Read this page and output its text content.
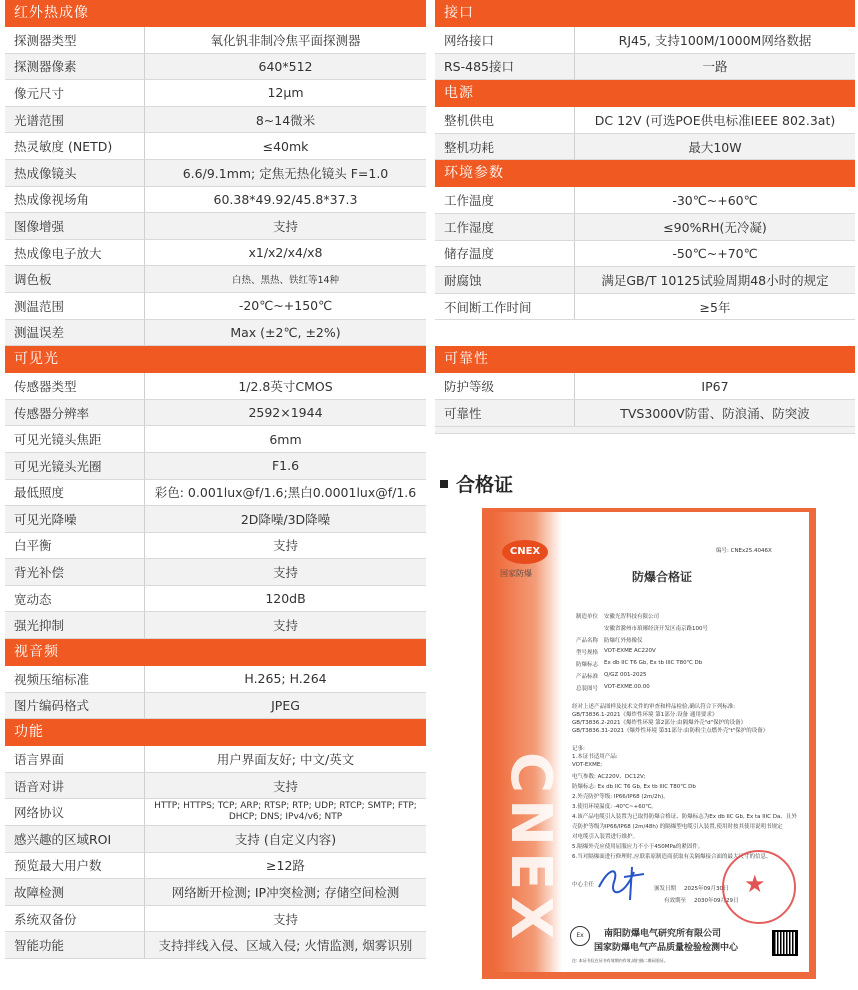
红外热成像
探测器类型	氧化钒非制冷焦平面探测器
探测器像素	640*512
像元尺寸	12μm
光谱范围	8~14微米
热灵敏度 (NETD)	≤40mk
热成像镜头	6.6/9.1mm; 定焦无热化镜头 F=1.0
热成像视场角	60.38*49.92/45.8*37.3
图像增强	支持
热成像电子放大	x1/x2/x4/x8
调色板	白热、黑热、铁红等14种
测温范围	-20℃~+150℃
测温误差	Max (±2℃, ±2%)
可见光
传感器类型	1/2.8英寸CMOS
传感器分辨率	2592×1944
可见光镜头焦距	6mm
可见光镜头光圈	F1.6
最低照度	彩色: 0.001lux@f/1.6;黑白0.0001lux@f/1.6
可见光降噪	2D降噪/3D降噪
白平衡	支持
背光补偿	支持
宽动态	120dB
强光抑制	支持
视音频
视频压缩标准	H.265; H.264
图片编码格式	JPEG
功能
语言界面	用户界面友好; 中文/英文
语音对讲	支持
网络协议	HTTP; HTTPS; TCP; ARP; RTSP; RTP; UDP; RTCP; SMTP; FTP; DHCP; DNS; IPv4/v6; NTP
感兴趣的区域ROI	支持 (自定义内容)
预览最大用户数	≥12路
故障检测	网络断开检测; IP冲突检测; 存储空间检测
系统双备份	支持
智能功能	支持拌线入侵、区域入侵; 火情监测, 烟雾识别
接口
网络接口	RJ45, 支持100M/1000M网络数据
RS-485接口	一路
电源
整机供电	DC 12V (可选POE供电标准IEEE 802.3at)
整机功耗	最大10W
环境参数
工作温度	-30℃~+60℃
工作湿度	≤90%RH(无冷凝)
储存温度	-50℃~+70℃
耐腐蚀	满足GB/T 10125试验周期48小时的规定
不间断工作时间	≥5年
可靠性
防护等级	IP67
可靠性	TVS3000V防雷、防浪涌、防突波
合格证
CNEX
国家防爆
CNEX
编号: CNEx25.4046X
防爆合格证
制造单位 安徽光智科技有限公司
安徽省滁州市琅琊经济开发区南京路100号
产品名称 防爆红外热像仪
型号规格 VOT-EXME AC220V
防爆标志 Ex db IIC T6 Gb, Ex tb IIIC T80℃ Db
产品标准 Q/GZ 001-2025
总装图号 VOT-EXME.00.00
经对上述产品图样及技术文件的审查和样品检验,确认符合下列标准:
GB/T3836.1-2021《爆炸性环境 第1部分:设备 通用要求》
GB/T3836.2-2021《爆炸性环境 第2部分:由隔爆外壳"d"保护的设备》
GB/T3836.31-2021《爆炸性环境 第31部分:由防粉尘点燃外壳"t"保护的设备》
记事:
1.本证书适用产品:
VOT-EXME;
电气参数: AC220V、DC12V;
防爆标志: Ex db IIC T6 Gb, Ex tb IIIC T80℃ Db
2.外壳防护等级: IP66/IP68 (2m/2h)。
3.使用环境温度: -40℃~+60℃。
4.该产品电缆引入装置为已取得防爆合格证、防爆标志为Ex db IIC Gb, Ex ta IIIC Da、且外
壳防护等级为IP66/IP68 (2m/48h) 的隔爆型电缆引入装置,使用时按其使用说明书规定
对电缆引入装置进行维护。
5.隔爆外壳应使用屈服应力不小于450MPa的紧固件。
6.当对隔爆面进行修理时,应联系原制造商获取有关隔爆接合面的最大尺寸的信息。
中心主任
颁发日期 2025年09月30日
有效期至 2030年09月29日
★
Ex	南阳防爆电气研究所有限公司
国家防爆电气产品质量检验检测中心
注: 本证书仅在证书有效期内有效,请扫描二维码验证。
